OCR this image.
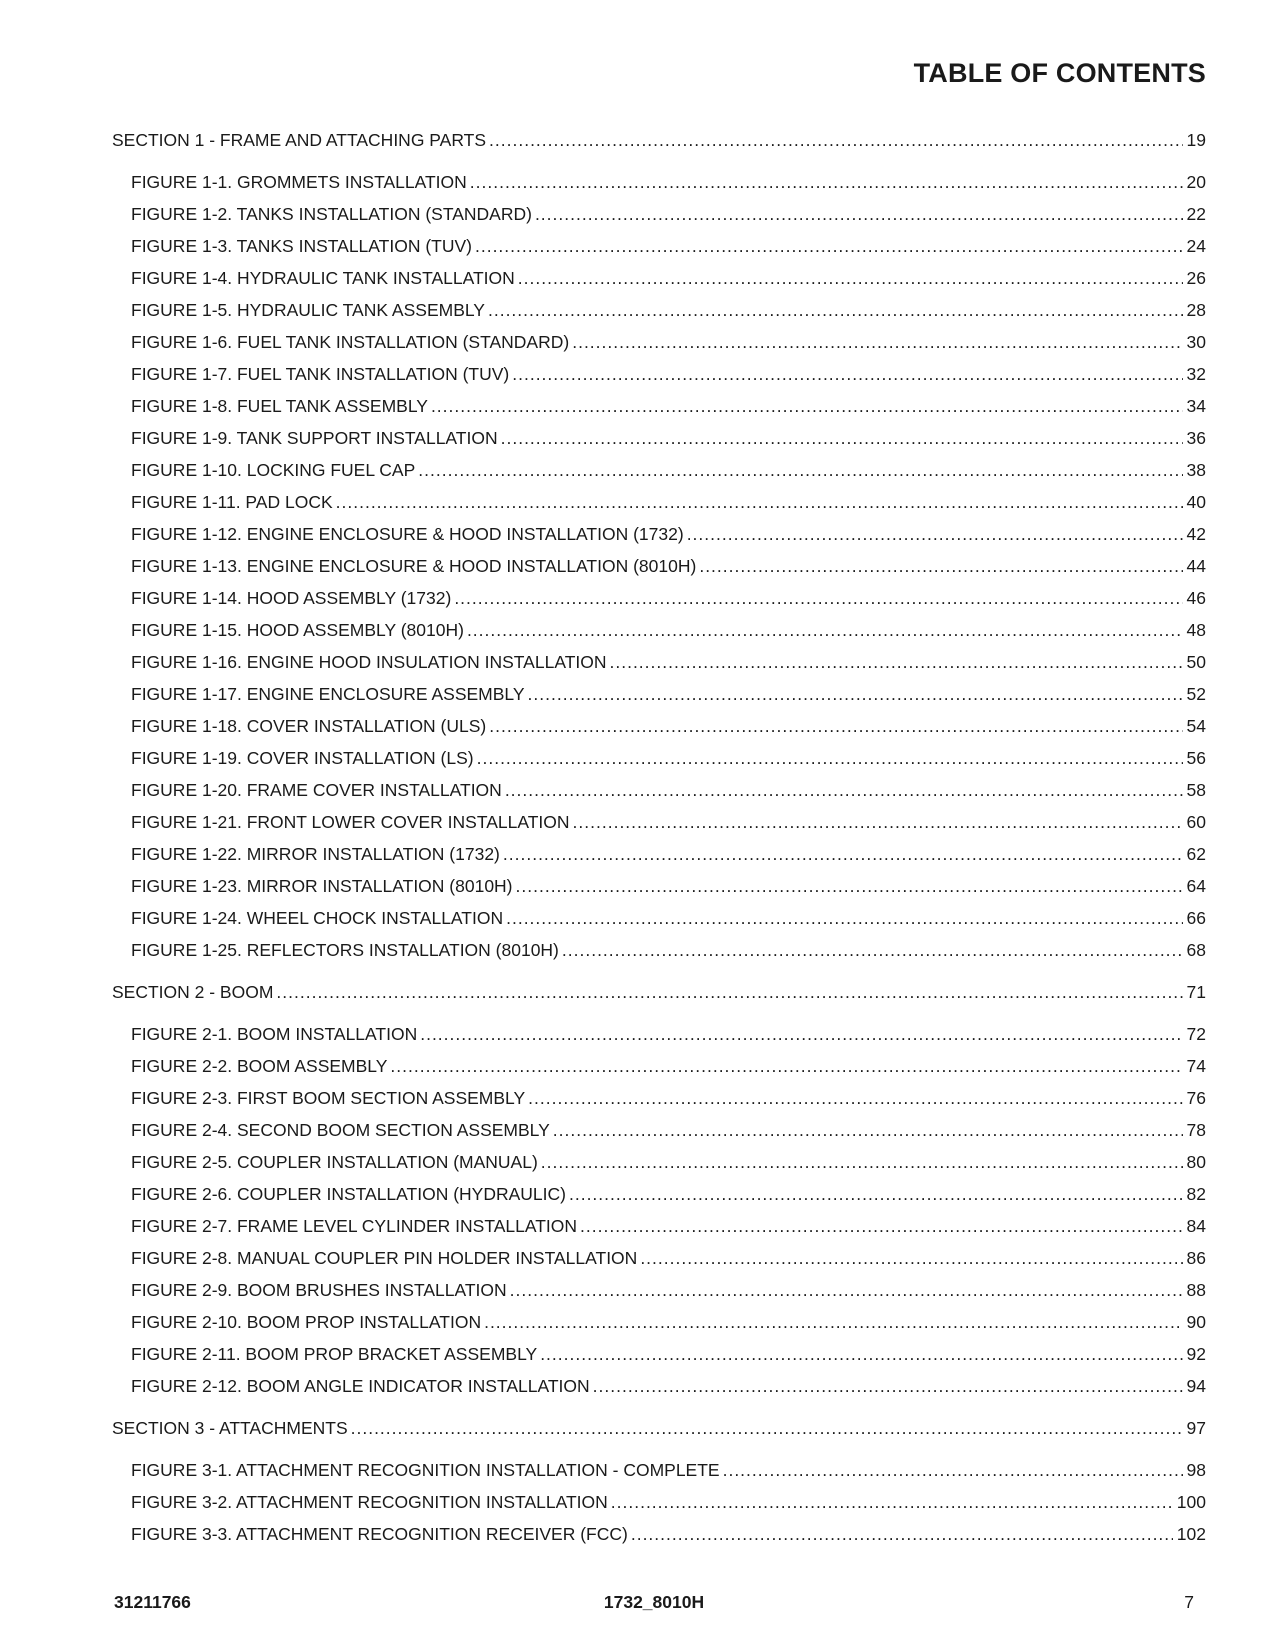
TABLE OF CONTENTS
SECTION 1 - FRAME AND ATTACHING PARTS .....	19
FIGURE 1-1. GROMMETS INSTALLATION .....	20
FIGURE 1-2. TANKS INSTALLATION (STANDARD) .....	22
FIGURE 1-3. TANKS INSTALLATION (TUV) .....	24
FIGURE 1-4. HYDRAULIC TANK INSTALLATION .....	26
FIGURE 1-5. HYDRAULIC TANK ASSEMBLY .....	28
FIGURE 1-6. FUEL TANK INSTALLATION (STANDARD) .....	30
FIGURE 1-7. FUEL TANK INSTALLATION (TUV) .....	32
FIGURE 1-8. FUEL TANK ASSEMBLY .....	34
FIGURE 1-9. TANK SUPPORT INSTALLATION .....	36
FIGURE 1-10. LOCKING FUEL CAP .....	38
FIGURE 1-11. PAD LOCK .....	40
FIGURE 1-12. ENGINE ENCLOSURE & HOOD INSTALLATION (1732) .....	42
FIGURE 1-13. ENGINE ENCLOSURE & HOOD INSTALLATION (8010H) .....	44
FIGURE 1-14. HOOD ASSEMBLY (1732) .....	46
FIGURE 1-15. HOOD ASSEMBLY (8010H) .....	48
FIGURE 1-16. ENGINE HOOD INSULATION INSTALLATION .....	50
FIGURE 1-17. ENGINE ENCLOSURE ASSEMBLY .....	52
FIGURE 1-18. COVER INSTALLATION (ULS) .....	54
FIGURE 1-19. COVER INSTALLATION (LS) .....	56
FIGURE 1-20. FRAME COVER INSTALLATION .....	58
FIGURE 1-21. FRONT LOWER COVER INSTALLATION .....	60
FIGURE 1-22. MIRROR INSTALLATION (1732) .....	62
FIGURE 1-23. MIRROR INSTALLATION (8010H) .....	64
FIGURE 1-24. WHEEL CHOCK INSTALLATION .....	66
FIGURE 1-25. REFLECTORS INSTALLATION (8010H) .....	68
SECTION 2 - BOOM .....	71
FIGURE 2-1. BOOM INSTALLATION .....	72
FIGURE 2-2. BOOM ASSEMBLY .....	74
FIGURE 2-3. FIRST BOOM SECTION ASSEMBLY .....	76
FIGURE 2-4. SECOND BOOM SECTION ASSEMBLY .....	78
FIGURE 2-5. COUPLER INSTALLATION (MANUAL) .....	80
FIGURE 2-6. COUPLER INSTALLATION (HYDRAULIC) .....	82
FIGURE 2-7. FRAME LEVEL CYLINDER INSTALLATION .....	84
FIGURE 2-8. MANUAL COUPLER PIN HOLDER INSTALLATION .....	86
FIGURE 2-9. BOOM BRUSHES INSTALLATION .....	88
FIGURE 2-10. BOOM PROP INSTALLATION .....	90
FIGURE 2-11. BOOM PROP BRACKET ASSEMBLY .....	92
FIGURE 2-12. BOOM ANGLE INDICATOR INSTALLATION .....	94
SECTION 3 - ATTACHMENTS .....	97
FIGURE 3-1. ATTACHMENT RECOGNITION INSTALLATION - COMPLETE .....	98
FIGURE 3-2. ATTACHMENT RECOGNITION INSTALLATION .....	100
FIGURE 3-3. ATTACHMENT RECOGNITION RECEIVER (FCC) .....	102
31211766	1732_8010H	7
